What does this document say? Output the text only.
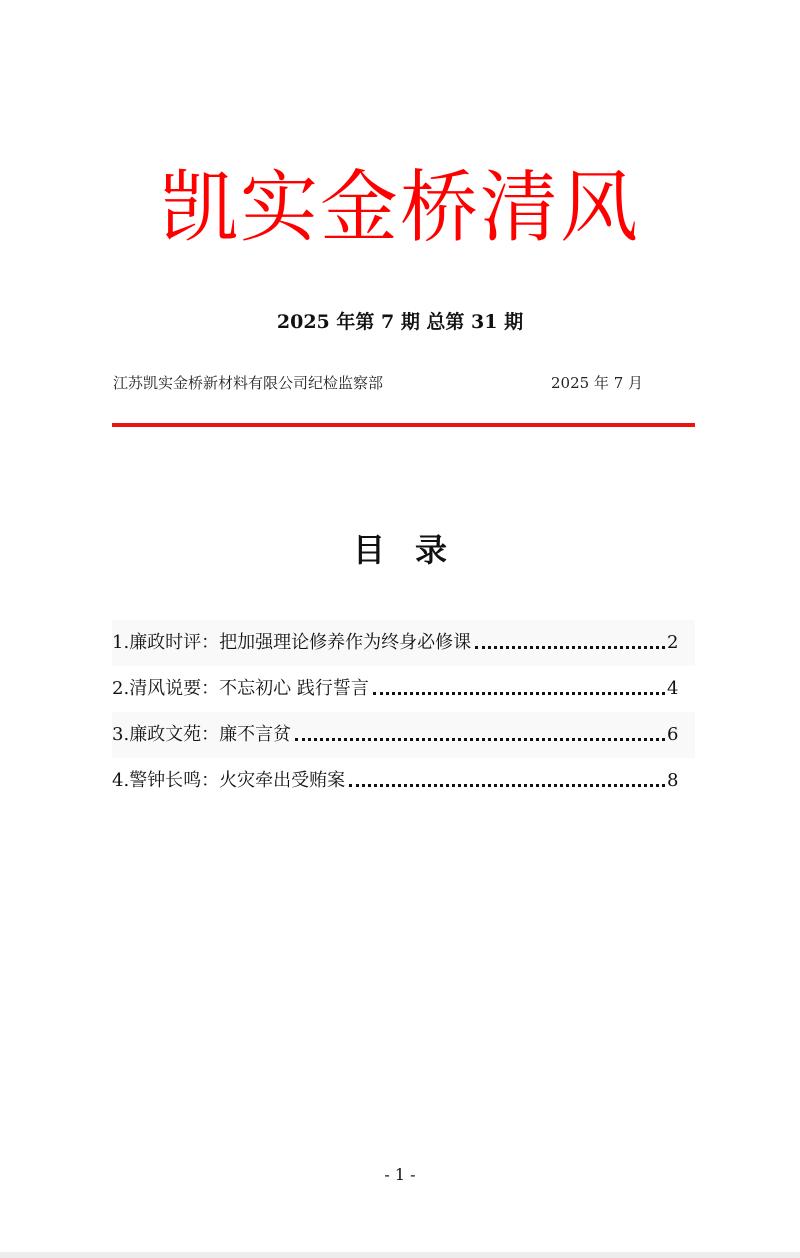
凯实金桥清风
2025 年第 7 期 总第 31 期
江苏凯实金桥新材料有限公司纪检监察部	2025 年 7 月
目录
1. 廉政时评：把加强理论修养作为终身必修课	2
2. 清风说要：不忘初心 践行誓言	4
3. 廉政文苑：廉不言贫	6
4. 警钟长鸣：火灾牵出受贿案	8
- 1 -
